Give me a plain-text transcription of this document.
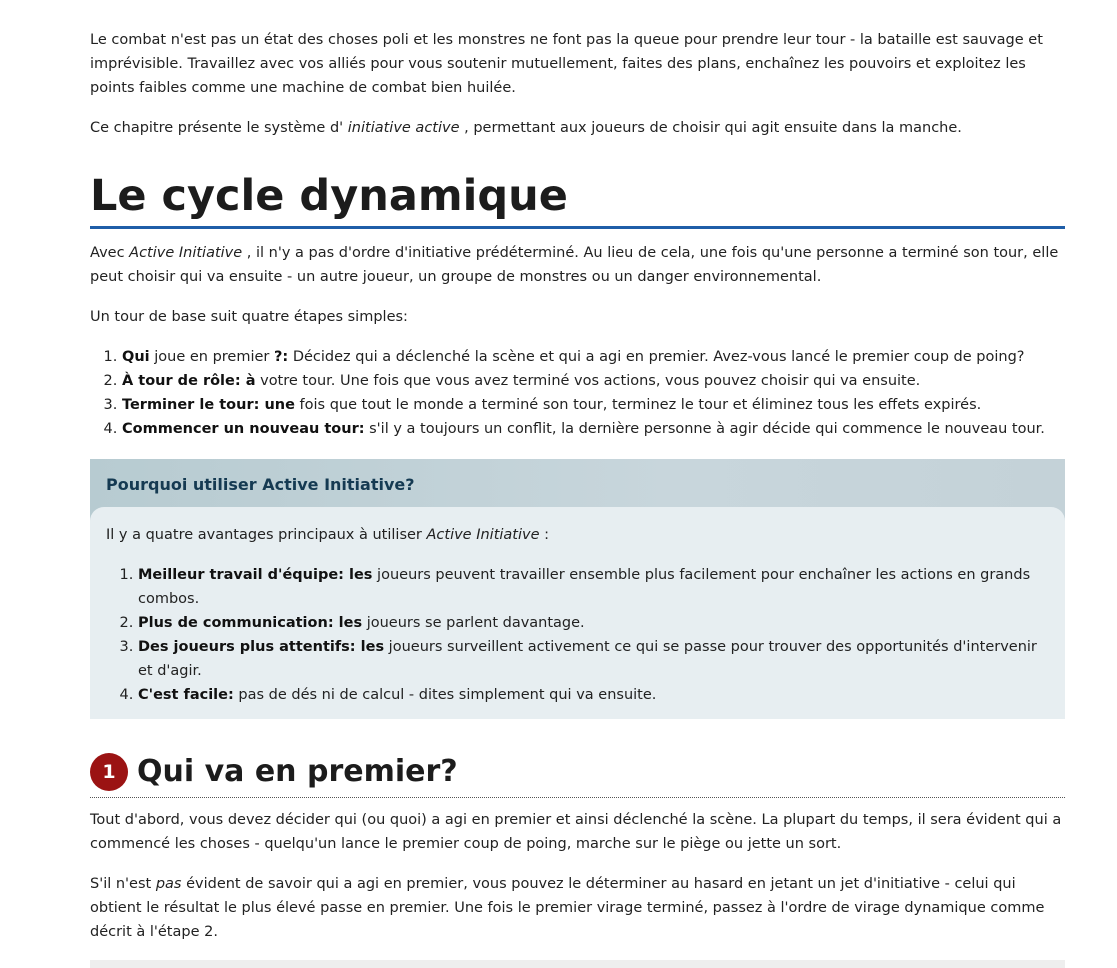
Le combat n'est pas un état des choses poli et les monstres ne font pas la queue pour prendre leur tour - la bataille est sauvage et imprévisible. Travaillez avec vos alliés pour vous soutenir mutuellement, faites des plans, enchaînez les pouvoirs et exploitez les points faibles comme une machine de combat bien huilée.

Ce chapitre présente le système d' initiative active , permettant aux joueurs de choisir qui agit ensuite dans la manche.

Le cycle dynamique

Avec Active Initiative , il n'y a pas d'ordre d'initiative prédéterminé. Au lieu de cela, une fois qu'une personne a terminé son tour, elle peut choisir qui va ensuite - un autre joueur, un groupe de monstres ou un danger environnemental.

Un tour de base suit quatre étapes simples:

1. Qui joue en premier ?: Décidez qui a déclenché la scène et qui a agi en premier. Avez-vous lancé le premier coup de poing?
2. À tour de rôle: à votre tour. Une fois que vous avez terminé vos actions, vous pouvez choisir qui va ensuite.
3. Terminer le tour: une fois que tout le monde a terminé son tour, terminez le tour et éliminez tous les effets expirés.
4. Commencer un nouveau tour: s'il y a toujours un conflit, la dernière personne à agir décide qui commence le nouveau tour.
Pourquoi utiliser Active Initiative?

Il y a quatre avantages principaux à utiliser Active Initiative :

1. Meilleur travail d'équipe: les joueurs peuvent travailler ensemble plus facilement pour enchaîner les actions en grands combos.
2. Plus de communication: les joueurs se parlent davantage.
3. Des joueurs plus attentifs: les joueurs surveillent activement ce qui se passe pour trouver des opportunités d'intervenir et d'agir.
4. C'est facile: pas de dés ni de calcul - dites simplement qui va ensuite.
1 Qui va en premier?

Tout d'abord, vous devez décider qui (ou quoi) a agi en premier et ainsi déclenché la scène. La plupart du temps, il sera évident qui a commencé les choses - quelqu'un lance le premier coup de poing, marche sur le piège ou jette un sort.

S'il n'est pas évident de savoir qui a agi en premier, vous pouvez le déterminer au hasard en jetant un jet d'initiative - celui qui obtient le résultat le plus élevé passe en premier. Une fois le premier virage terminé, passez à l'ordre de virage dynamique comme décrit à l'étape 2.
